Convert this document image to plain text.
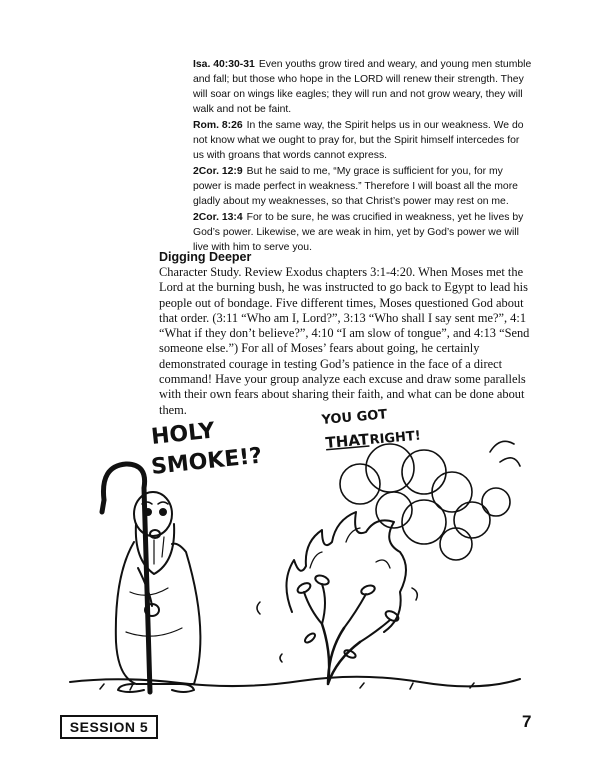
Isa. 40:30-31 Even youths grow tired and weary, and young men stumble and fall; but those who hope in the LORD will renew their strength. They will soar on wings like eagles; they will run and not grow weary, they will walk and not be faint.

Rom. 8:26 In the same way, the Spirit helps us in our weakness. We do not know what we ought to pray for, but the Spirit himself intercedes for us with groans that words cannot express.

2Cor. 12:9 But he said to me, “My grace is sufficient for you, for my power is made perfect in weakness.” Therefore I will boast all the more gladly about my weaknesses, so that Christ’s power may rest on me.

2Cor. 13:4 For to be sure, he was crucified in weakness, yet he lives by God’s power. Likewise, we are weak in him, yet by God’s power we will live with him to serve you.

Digging Deeper
Character Study. Review Exodus chapters 3:1-4:20. When Moses met the Lord at the burning bush, he was instructed to go back to Egypt to lead his people out of bondage. Five different times, Moses questioned God about that order. (3:11 “Who am I, Lord?”, 3:13 “Who shall I say sent me?”, 4:1 “What if they don’t believe?”, 4:10 “I am slow of tongue”, and 4:13 “Send someone else.”) For all of Moses’ fears about going, he certainly demonstrated courage in testing God’s patience in the face of a direct command! Have your group analyze each excuse and draw some parallels with their own fears about sharing their faith, and what can be done about them.
HOLY
SMOKE!?
YOU GOT
THAT RIGHT!
SESSION 5	7
